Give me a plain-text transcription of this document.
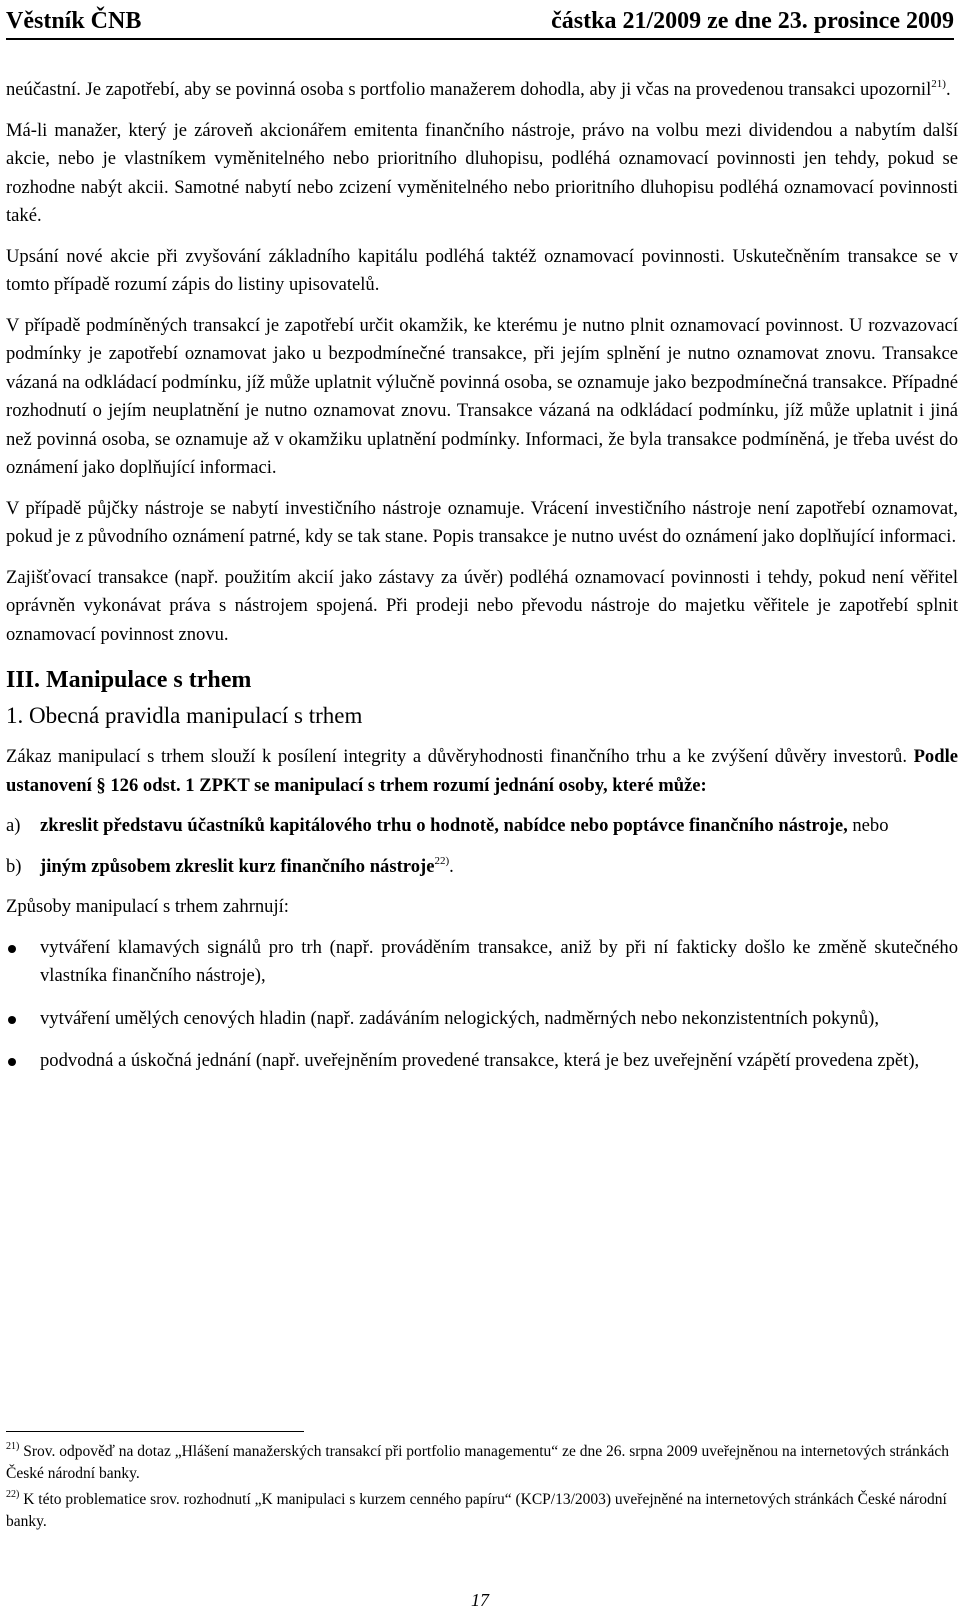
Věstník ČNB	částka 21/2009 ze dne 23. prosince 2009

neúčastní. Je zapotřebí, aby se povinná osoba s portfolio manažerem dohodla, aby ji včas na provedenou transakci upozornil$^{21)}$.

Má-li manažer, který je zároveň akcionářem emitenta finančního nástroje, právo na volbu mezi dividendou a nabytím další akcie, nebo je vlastníkem vyměnitelného nebo prioritního dluhopisu, podléhá oznamovací povinnosti jen tehdy, pokud se rozhodne nabýt akcii. Samotné nabytí nebo zcizení vyměnitelného nebo prioritního dluhopisu podléhá oznamovací povinnosti také.

Upsání nové akcie při zvyšování základního kapitálu podléhá taktéž oznamovací povinnosti. Uskutečněním transakce se v tomto případě rozumí zápis do listiny upisovatelů.

V případě podmíněných transakcí je zapotřebí určit okamžik, ke kterému je nutno plnit oznamovací povinnost. U rozvazovací podmínky je zapotřebí oznamovat jako u bezpodmínečné transakce, při jejím splnění je nutno oznamovat znovu. Transakce vázaná na odkládací podmínku, jíž může uplatnit výlučně povinná osoba, se oznamuje jako bezpodmínečná transakce. Případné rozhodnutí o jejím neuplatnění je nutno oznamovat znovu. Transakce vázaná na odkládací podmínku, jíž může uplatnit i jiná než povinná osoba, se oznamuje až v okamžiku uplatnění podmínky. Informaci, že byla transakce podmíněná, je třeba uvést do oznámení jako doplňující informaci.

V případě půjčky nástroje se nabytí investičního nástroje oznamuje. Vrácení investičního nástroje není zapotřebí oznamovat, pokud je z původního oznámení patrné, kdy se tak stane. Popis transakce je nutno uvést do oznámení jako doplňující informaci.

Zajišťovací transakce (např. použitím akcií jako zástavy za úvěr) podléhá oznamovací povinnosti i tehdy, pokud není věřitel oprávněn vykonávat práva s nástrojem spojená. Při prodeji nebo převodu nástroje do majetku věřitele je zapotřebí splnit oznamovací povinnost znovu.

III. Manipulace s trhem
1. Obecná pravidla manipulací s trhem

Zákaz manipulací s trhem slouží k posílení integrity a důvěryhodnosti finančního trhu a ke zvýšení důvěry investorů. Podle ustanovení § 126 odst. 1 ZPKT se manipulací s trhem rozumí jednání osoby, které může:

a) zkreslit představu účastníků kapitálového trhu o hodnotě, nabídce nebo poptávce finančního nástroje, nebo
b) jiným způsobem zkreslit kurz finančního nástroje$^{22)}$.

Způsoby manipulací s trhem zahrnují:

vytváření klamavých signálů pro trh (např. prováděním transakce, aniž by při ní fakticky došlo ke změně skutečného vlastníka finančního nástroje),
vytváření umělých cenových hladin (např. zadáváním nelogických, nadměrných nebo nekonzistentních pokynů),
podvodná a úskočná jednání (např. uveřejněním provedené transakce, která je bez uveřejnění vzápětí provedena zpět),
$^{21)}$ Srov. odpověď na dotaz „Hlášení manažerských transakcí při portfolio managementu“ ze dne 26. srpna 2009 uveřejněnou na internetových stránkách České národní banky.
$^{22)}$ K této problematice srov. rozhodnutí „K manipulaci s kurzem cenného papíru“ (KCP/13/2003) uveřejněné na internetových stránkách České národní banky.
17
